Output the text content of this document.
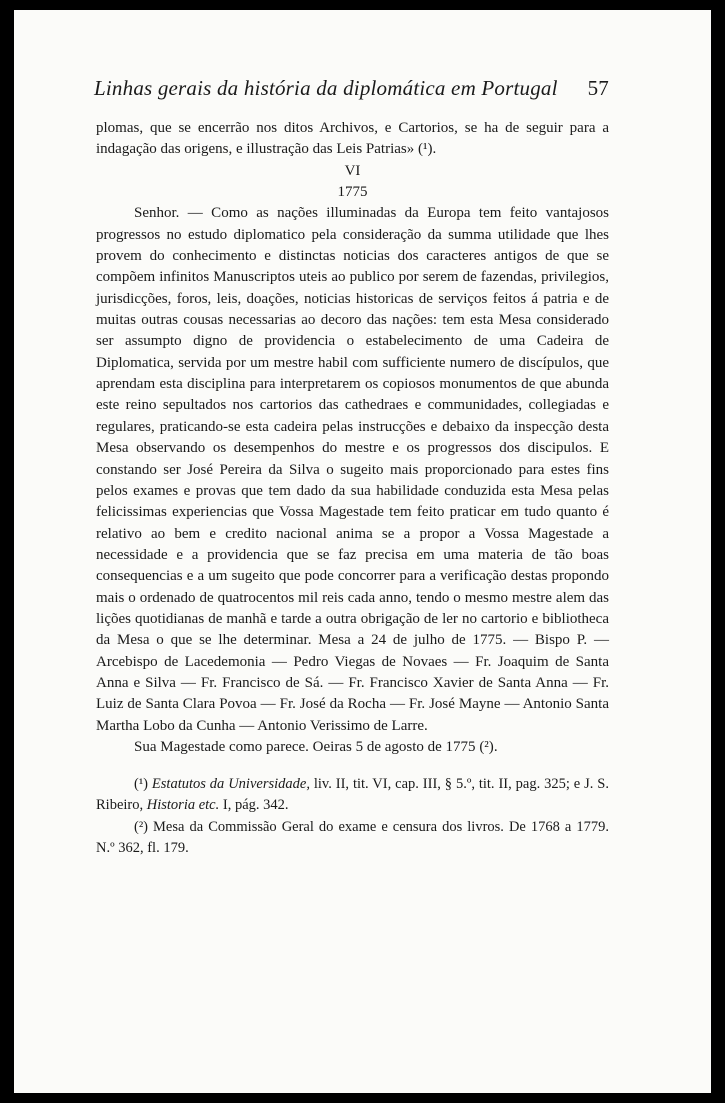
Linhas gerais da história da diplomática em Portugal 57

plomas, que se encerrão nos ditos Archivos, e Cartorios, se ha de seguir para a indagação das origens, e illustração das Leis Patrias» (¹).

VI

1775

Senhor. — Como as nações illuminadas da Europa tem feito vantajosos progressos no estudo diplomatico pela consideração da summa utilidade que lhes provem do conhecimento e distinctas noticias dos caracteres antigos de que se compõem infinitos Manuscriptos uteis ao publico por serem de fazendas, privilegios, jurisdicções, foros, leis, doações, noticias historicas de serviços feitos á patria e de muitas outras cousas necessarias ao decoro das nações: tem esta Mesa considerado ser assumpto digno de providencia o estabelecimento de uma Cadeira de Diplomatica, servida por um mestre habil com sufficiente numero de discípulos, que aprendam esta disciplina para interpretarem os copiosos monumentos de que abunda este reino sepultados nos cartorios das cathedraes e communidades, collegiadas e regulares, praticando-se esta cadeira pelas instrucções e debaixo da inspecção desta Mesa observando os desempenhos do mestre e os progressos dos discipulos. E constando ser José Pereira da Silva o sugeito mais proporcionado para estes fins pelos exames e provas que tem dado da sua habilidade conduzida esta Mesa pelas felicissimas experiencias que Vossa Magestade tem feito praticar em tudo quanto é relativo ao bem e credito nacional anima se a propor a Vossa Magestade a necessidade e a providencia que se faz precisa em uma materia de tão boas consequencias e a um sugeito que pode concorrer para a verificação destas propondo mais o ordenado de quatrocentos mil reis cada anno, tendo o mesmo mestre alem das lições quotidianas de manhã e tarde a outra obrigação de ler no cartorio e bibliotheca da Mesa o que se lhe determinar. Mesa a 24 de julho de 1775. — Bispo P. — Arcebispo de Lacedemonia — Pedro Viegas de Novaes — Fr. Joaquim de Santa Anna e Silva — Fr. Francisco de Sá. — Fr. Francisco Xavier de Santa Anna — Fr. Luiz de Santa Clara Povoa — Fr. José da Rocha — Fr. José Mayne — Antonio Santa Martha Lobo da Cunha — Antonio Verissimo de Larre.

Sua Magestade como parece. Oeiras 5 de agosto de 1775 (²).

(¹) Estatutos da Universidade, liv. II, tit. VI, cap. III, § 5.º, tit. II, pag. 325; e J. S. Ribeiro, Historia etc. I, pág. 342.

(²) Mesa da Commissão Geral do exame e censura dos livros. De 1768 a 1779. N.º 362, fl. 179.
